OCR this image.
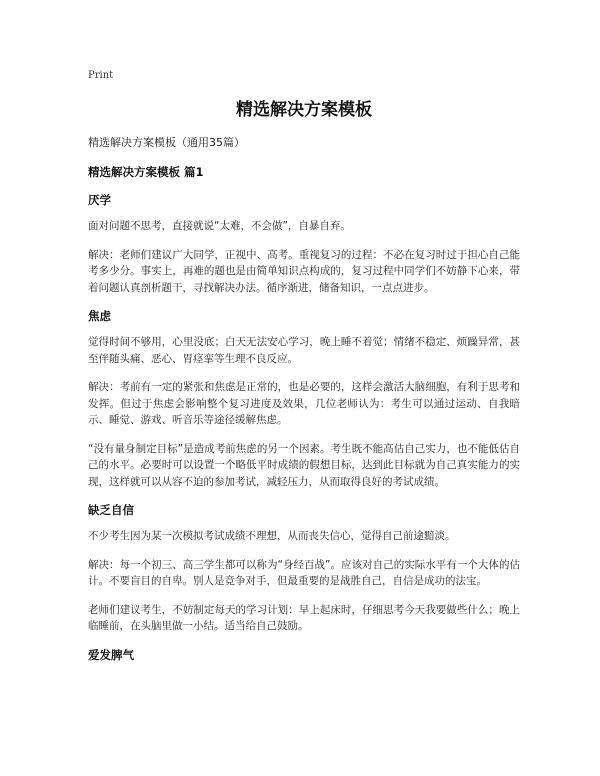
Print
精选解决方案模板
精选解决方案模板（通用35篇）
精选解决方案模板 篇1
厌学

面对问题不思考，直接就说“太难，不会做”，自暴自弃。

解决：老师们建议广大同学，正视中、高考。重视复习的过程：不必在复习时过于担心自己能考多少分。事实上，再难的题也是由简单知识点构成的，复习过程中同学们不妨静下心来，带着问题认真剖析题干，寻找解决办法。循序渐进，储备知识，一点点进步。

焦虑

觉得时间不够用，心里没底；白天无法安心学习，晚上睡不着觉；情绪不稳定、烦躁异常，甚至伴随头痛、恶心、胃痉挛等生理不良反应。

解决：考前有一定的紧张和焦虑是正常的，也是必要的，这样会激活大脑细胞，有利于思考和发挥。但过于焦虑会影响整个复习进度及效果，几位老师认为：考生可以通过运动、自我暗示、睡觉、游戏、听音乐等途径缓解焦虑。

“没有量身制定目标”是造成考前焦虑的另一个因素。考生既不能高估自己实力，也不能低估自己的水平。必要时可以设置一个略低平时成绩的假想目标，达到此目标就为自己真实能力的实现，这样就可以从容不迫的参加考试，减轻压力，从而取得良好的考试成绩。

缺乏自信

不少考生因为某一次模拟考试成绩不理想，从而丧失信心，觉得自己前途黯淡。

解决：每一个初三、高三学生都可以称为“身经百战”。应该对自己的实际水平有一个大体的估计。不要盲目的自卑。别人是竞争对手，但最重要的是战胜自己，自信是成功的法宝。

老师们建议考生，不妨制定每天的学习计划：早上起床时，仔细思考今天我要做些什么；晚上临睡前，在头脑里做一小结。适当给自己鼓励。

爱发脾气
